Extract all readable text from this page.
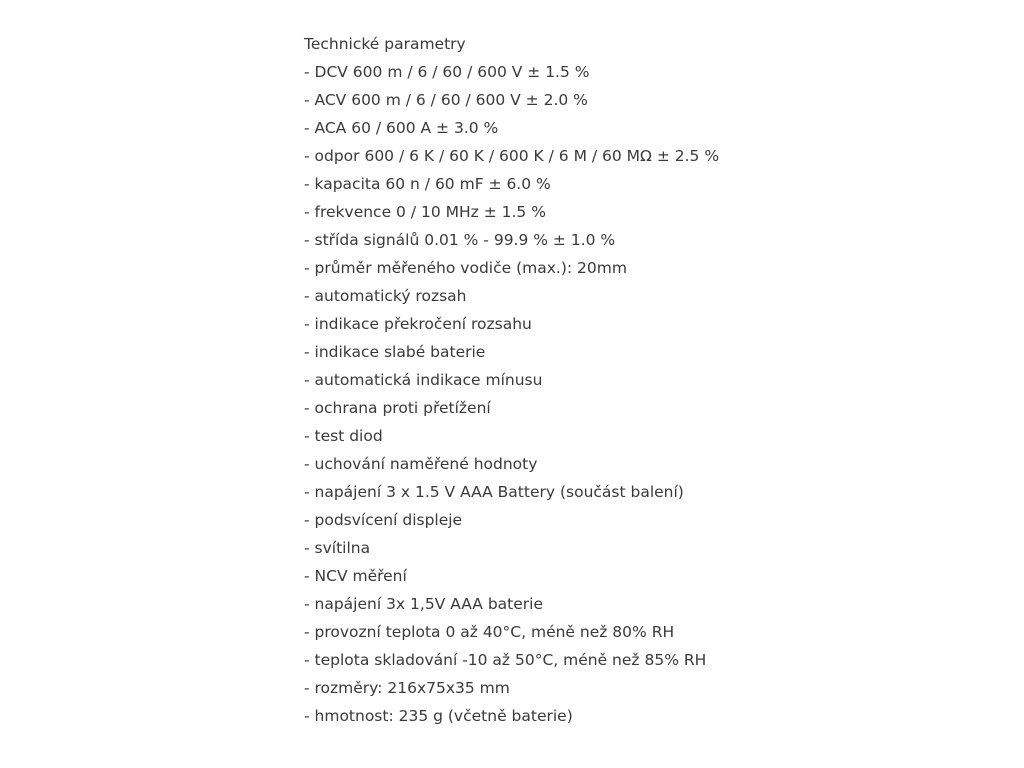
Technické parametry
- DCV 600 m / 6 / 60 / 600 V ± 1.5 %
- ACV 600 m / 6 / 60 / 600 V ± 2.0 %
- ACA 60 / 600 A ± 3.0 %
- odpor 600 / 6 K / 60 K / 600 K / 6 M / 60 MΩ ± 2.5 %
- kapacita 60 n / 60 mF ± 6.0 %
- frekvence 0 / 10 MHz ± 1.5 %
- střída signálů 0.01 % - 99.9 % ± 1.0 %
- průměr měřeného vodiče (max.): 20mm
- automatický rozsah
- indikace překročení rozsahu
- indikace slabé baterie
- automatická indikace mínusu
- ochrana proti přetížení
- test diod
- uchování naměřené hodnoty
- napájení 3 x 1.5 V AAA Battery (součást balení)
- podsvícení displeje
- svítilna
- NCV měření
- napájení 3x 1,5V AAA baterie
- provozní teplota 0 až 40°C, méně než 80% RH
- teplota skladování -10 až 50°C, méně než 85% RH
- rozměry: 216x75x35 mm
- hmotnost: 235 g (včetně baterie)
